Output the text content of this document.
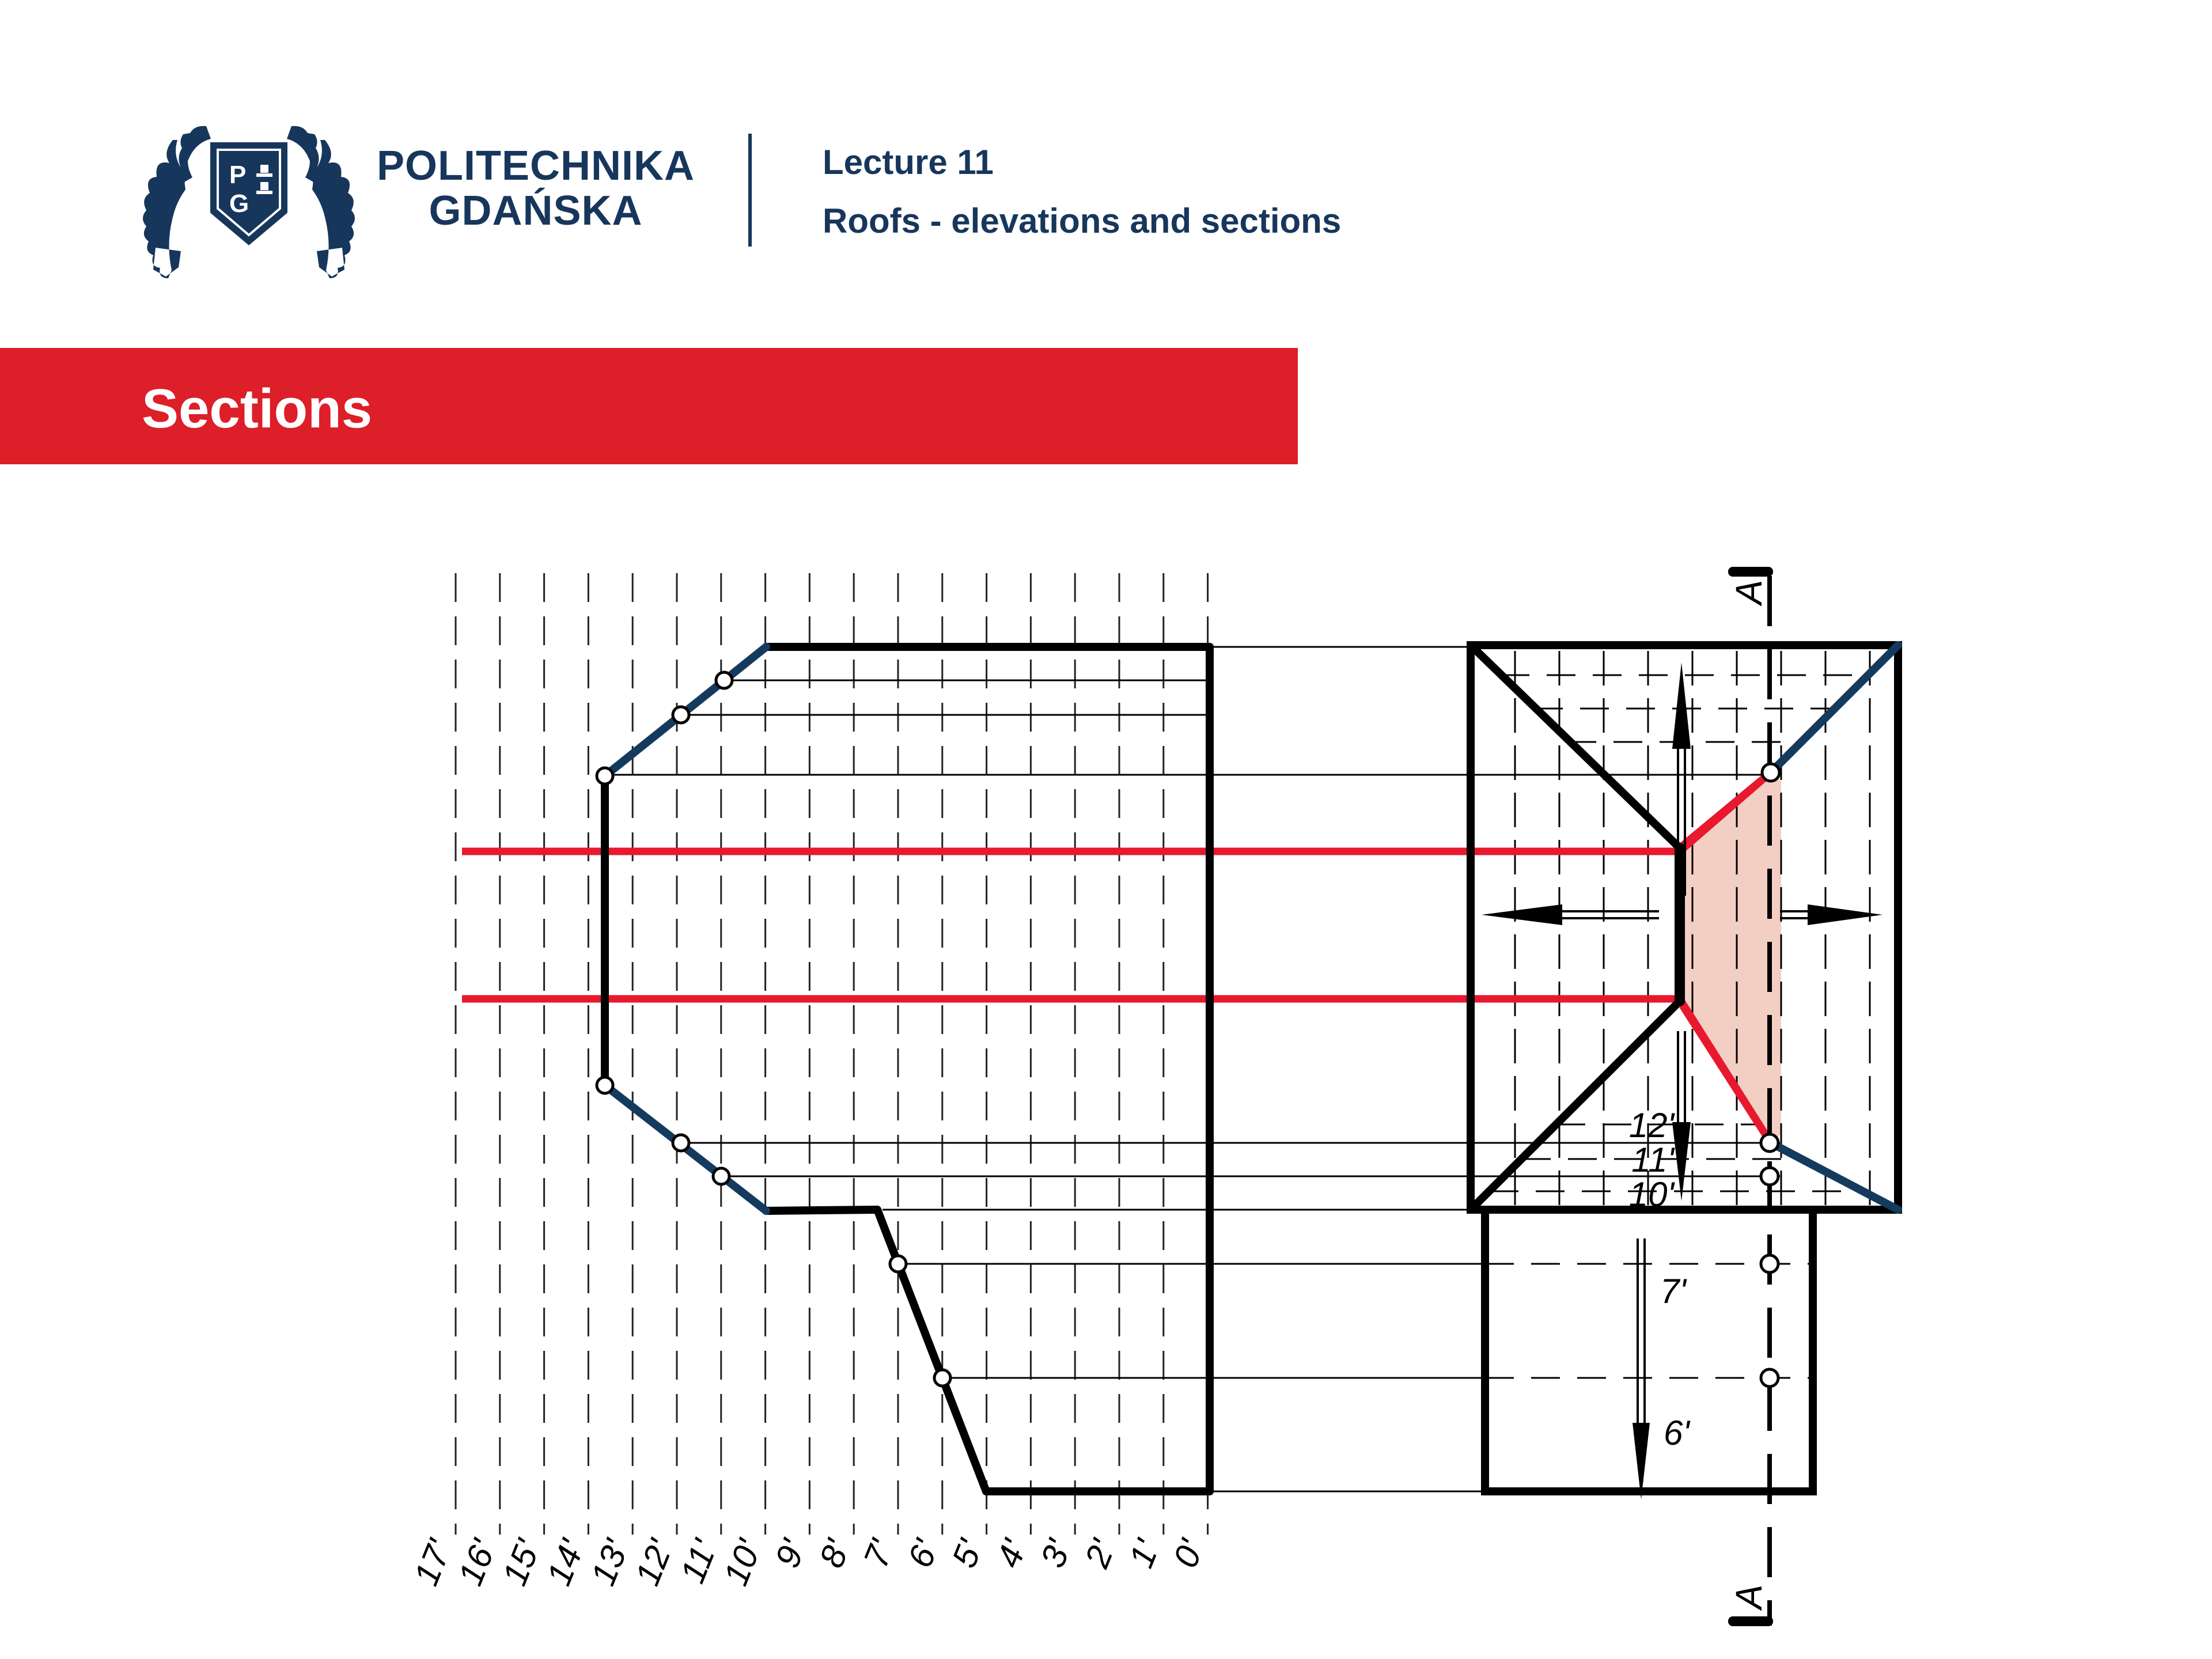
P
G
POLITECHNIKA
GDAŃSKA
Lecture 11
Roofs - elevations and sections
Sections
17'
16'
15'
14'
13'
12'
11'
10'
9'
8'
7'
6'
5'
4'
3'
2'
1'
0'
A
A
12'
11'
10'
7'
6'
